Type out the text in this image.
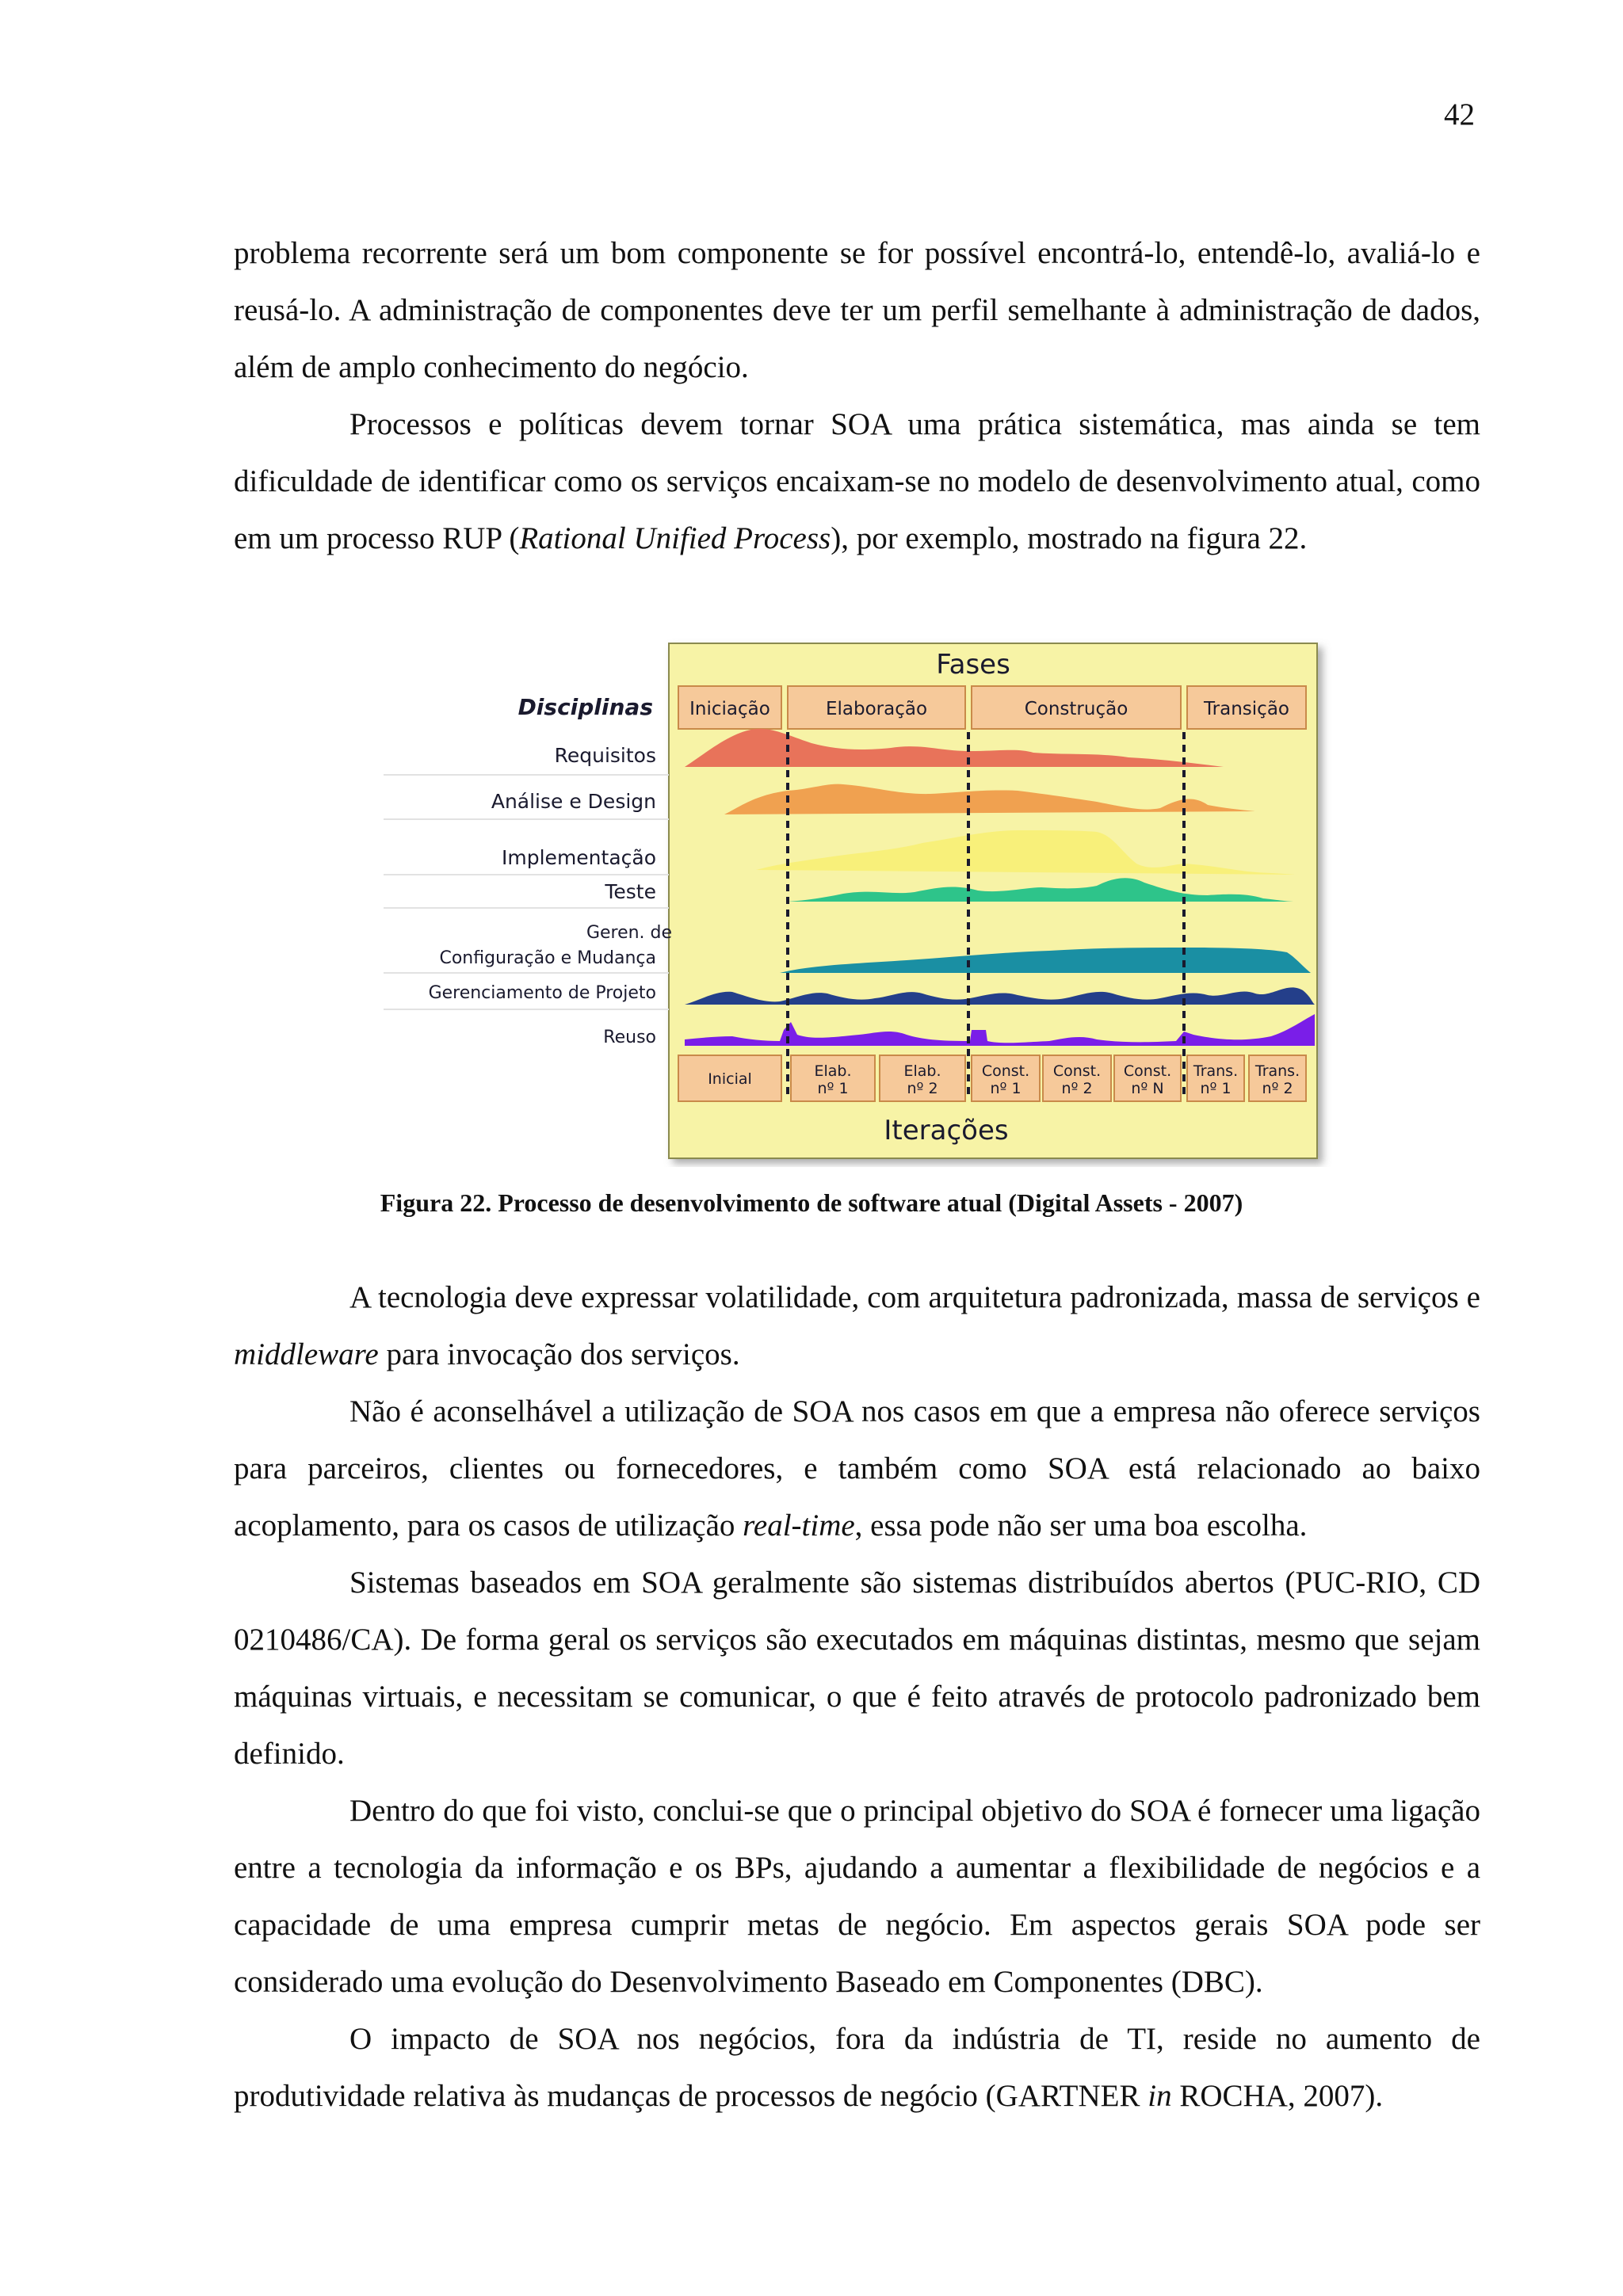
42

problema recorrente será um bom componente se for possível encontrá-lo, entendê-lo, avaliá-lo e reusá-lo. A administração de componentes deve ter um perfil semelhante à administração de dados, além de amplo conhecimento do negócio.

Processos e políticas devem tornar SOA uma prática sistemática, mas ainda se tem dificuldade de identificar como os serviços encaixam-se no modelo de desenvolvimento atual, como em um processo RUP (Rational Unified Process), por exemplo, mostrado na figura 22.

Fases
Iniciação	Elaboração	Construção	Transição
Disciplinas
Requisitos
Análise e Design
Implementação
Teste
Geren. de
Configuração e Mudança
Gerenciamento de Projeto
Reuso
Inicial	Elab.
nº 1
Elab.
nº 2
Const.
nº 1
Const.
nº 2
Const.
nº N
Trans.
nº 1
Trans.
nº 2
Iterações
Figura 22. Processo de desenvolvimento de software atual (Digital Assets - 2007)

A tecnologia deve expressar volatilidade, com arquitetura padronizada, massa de serviços e middleware para invocação dos serviços.

Não é aconselhável a utilização de SOA nos casos em que a empresa não oferece serviços para parceiros, clientes ou fornecedores, e também como SOA está relacionado ao baixo acoplamento, para os casos de utilização real-time, essa pode não ser uma boa escolha.

Sistemas baseados em SOA geralmente são sistemas distribuídos abertos (PUC-RIO, CD 0210486/CA). De forma geral os serviços são executados em máquinas distintas, mesmo que sejam máquinas virtuais, e necessitam se comunicar, o que é feito através de protocolo padronizado bem definido.

Dentro do que foi visto, conclui-se que o principal objetivo do SOA é fornecer uma ligação entre a tecnologia da informação e os BPs, ajudando a aumentar a flexibilidade de negócios e a capacidade de uma empresa cumprir metas de negócio. Em aspectos gerais SOA pode ser considerado uma evolução do Desenvolvimento Baseado em Componentes (DBC).

O impacto de SOA nos negócios, fora da indústria de TI, reside no aumento de produtividade relativa às mudanças de processos de negócio (GARTNER in ROCHA, 2007).
